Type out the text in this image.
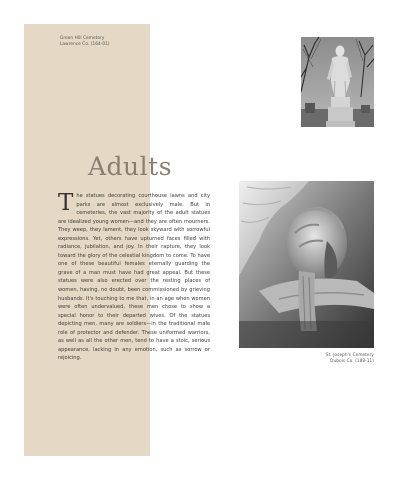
Green Hill Cemetery
Lawrence Co. (164-01)
Adults
T he statues decorating courthouse lawns and city parks are almost exclusively male. But in cemeteries, the vast majority of the adult statues are idealized young women—and they are often mourners. They weep, they lament, they look skyward with sorrowful expressions. Yet, others have upturned faces filled with radiance, jubilation, and joy. In their rapture, they look toward the glory of the celestial kingdom to come. To have one of these beautiful females eternally guarding the grave of a man must have had great appeal. But these statues were also erected over the resting places of women, having, no doubt, been commissioned by grieving husbands. It's touching to me that, in an age when women were often undervalued, these men chose to show a special honor to their departed wives. Of the statues depicting men, many are soldiers—in the traditional male role of protector and defender. These uniformed warriors, as well as all the other men, tend to have a stoic, serious appearance, lacking in any emotion, such as sorrow or rejoicing.
St. Joseph's Cemetery
Dubois Co. (188-11)
